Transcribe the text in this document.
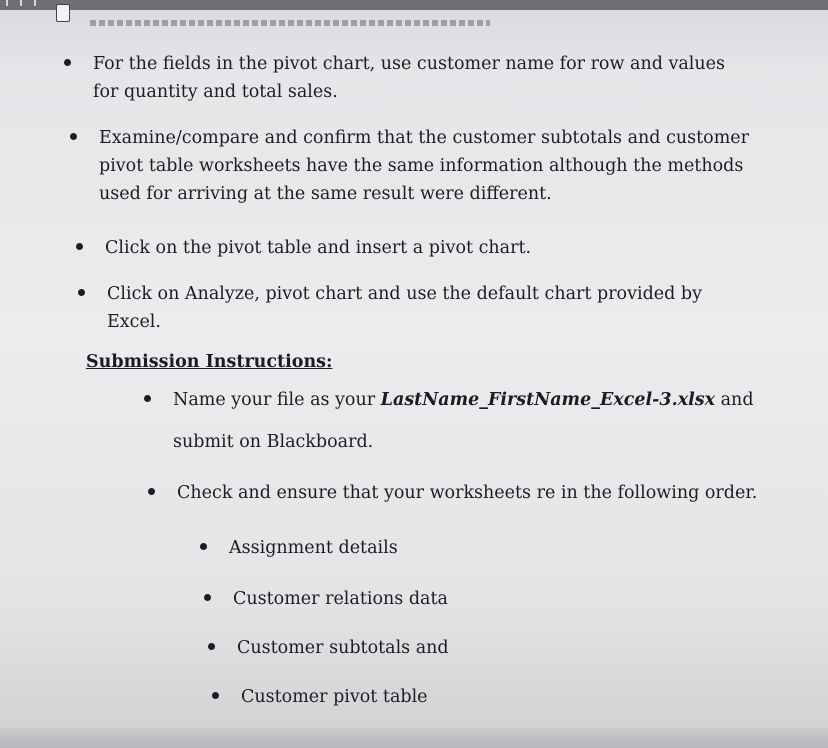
For the fields in the pivot chart, use customer name for row and values
for quantity and total sales.
Examine/compare and confirm that the customer subtotals and customer
pivot table worksheets have the same information although the methods
used for arriving at the same result were different.
Click on the pivot table and insert a pivot chart.
Click on Analyze, pivot chart and use the default chart provided by
Excel.
Submission Instructions:
Name your file as your LastName_FirstName_Excel-3.xlsx and
submit on Blackboard.
Check and ensure that your worksheets re in the following order.
Assignment details
Customer relations data
Customer subtotals and
Customer pivot table
